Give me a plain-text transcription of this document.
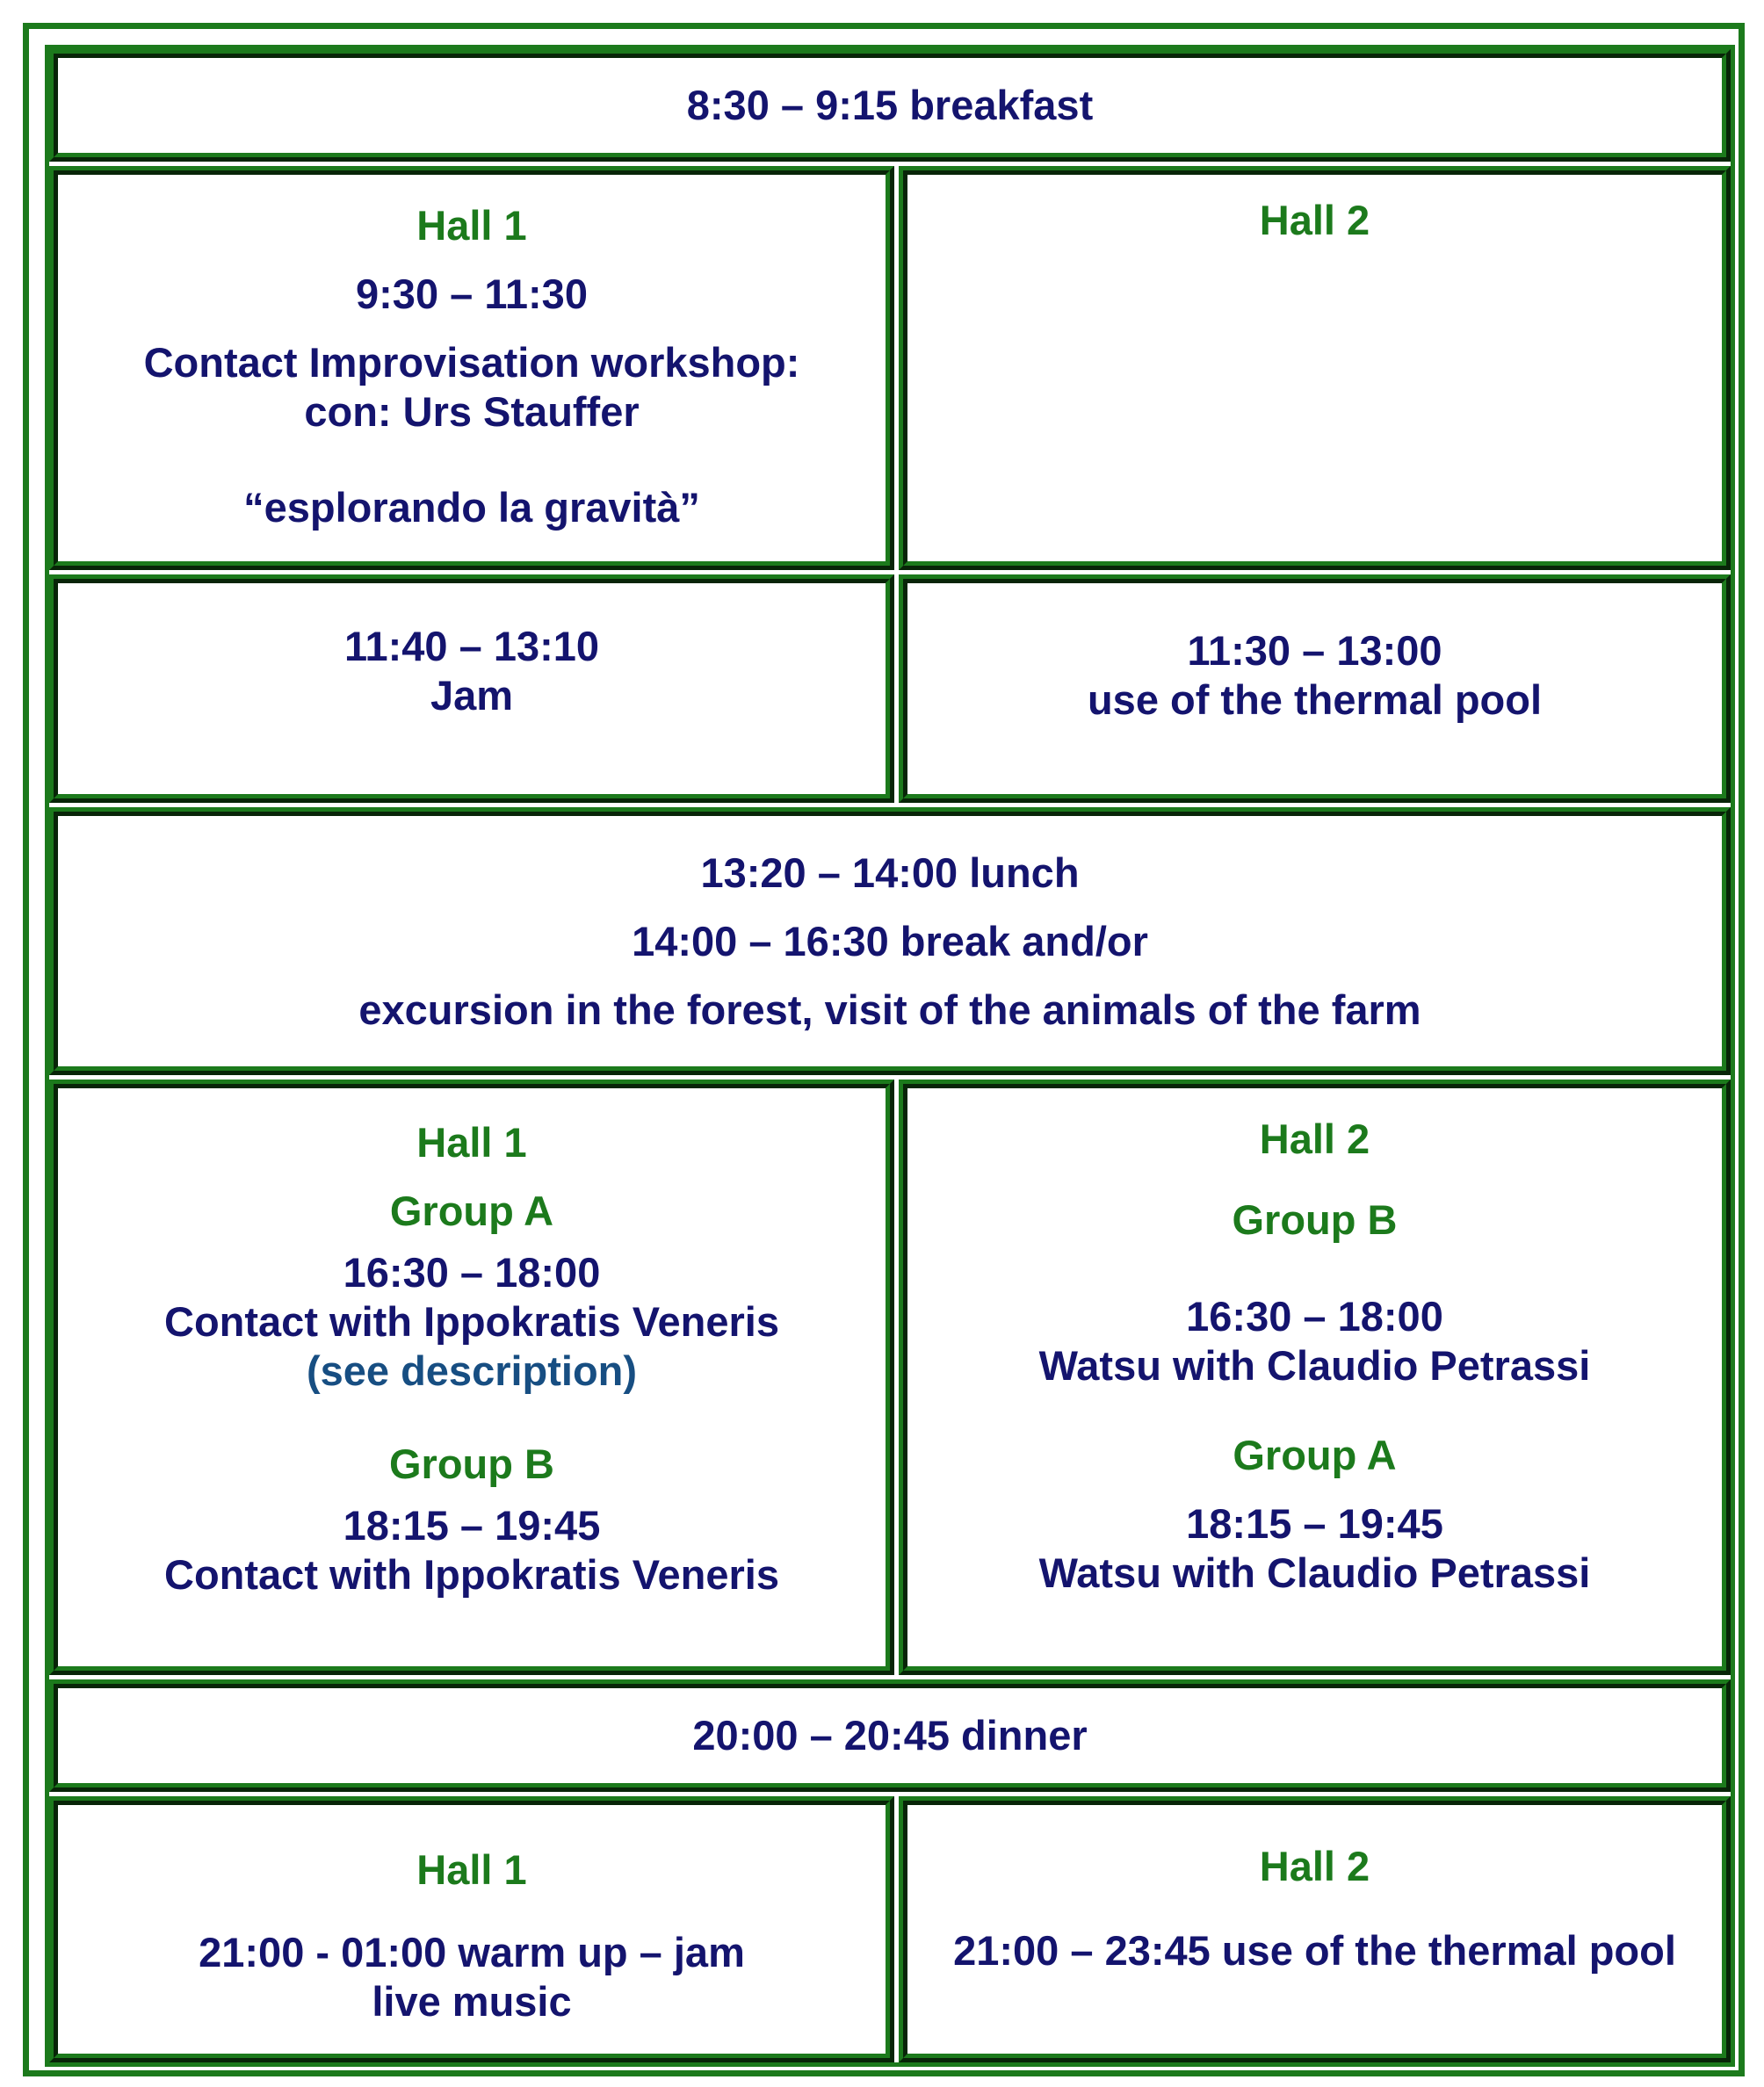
8:30 – 9:15 breakfast

Hall 1

9:30 – 11:30

Contact Improvisation workshop:

con: Urs Stauffer

“esplorando la gravità”

Hall 2

11:40 – 13:10

Jam

11:30 – 13:00

use of the thermal pool

13:20 – 14:00 lunch

14:00 – 16:30 break and/or

excursion in the forest, visit of the animals of the farm

Hall 1

Group A

16:30 – 18:00

Contact with Ippokratis Veneris

(see description)

Group B

18:15 – 19:45

Contact with Ippokratis Veneris

Hall 2

Group B

16:30 – 18:00

Watsu with Claudio Petrassi

Group A

18:15 – 19:45

Watsu with Claudio Petrassi

20:00 – 20:45 dinner

Hall 1

21:00 - 01:00 warm up – jam

live music

Hall 2

21:00 – 23:45 use of the thermal pool
